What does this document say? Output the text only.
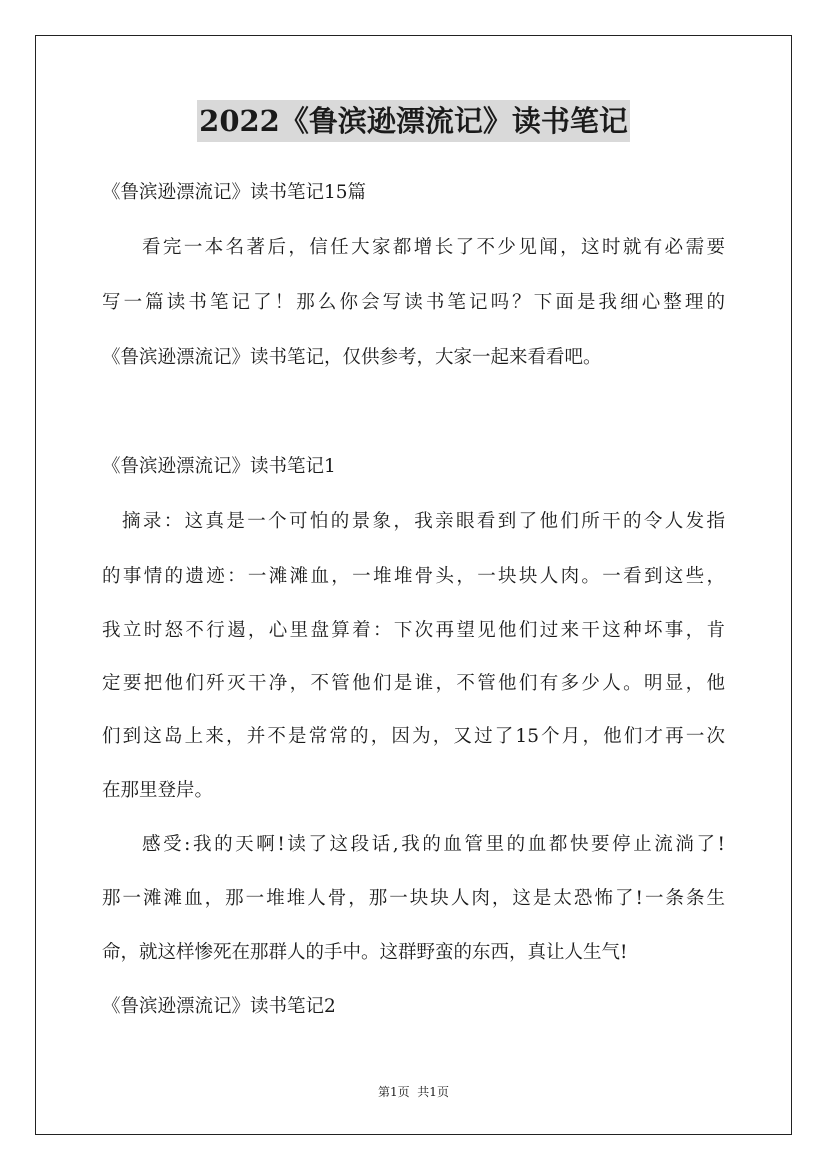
2022《鲁滨逊漂流记》读书笔记
《鲁滨逊漂流记》读书笔记15篇
看完一本名著后，信任大家都增长了不少见闻，这时就有必需要
写一篇读书笔记了！那么你会写读书笔记吗？下面是我细心整理的
《鲁滨逊漂流记》读书笔记，仅供参考，大家一起来看看吧。
《鲁滨逊漂流记》读书笔记1
摘录：这真是一个可怕的景象，我亲眼看到了他们所干的令人发指
的事情的遗迹：一滩滩血，一堆堆骨头，一块块人肉。一看到这些，
我立时怒不行遏，心里盘算着：下次再望见他们过来干这种坏事，肯
定要把他们歼灭干净，不管他们是谁，不管他们有多少人。明显，他
们到这岛上来，并不是常常的，因为，又过了15个月，他们才再一次
在那里登岸。
感受:我的天啊!读了这段话,我的血管里的血都快要停止流淌了!
那一滩滩血，那一堆堆人骨，那一块块人肉，这是太恐怖了!一条条生
命，就这样惨死在那群人的手中。这群野蛮的东西，真让人生气!
《鲁滨逊漂流记》读书笔记2
第1页  共1页
